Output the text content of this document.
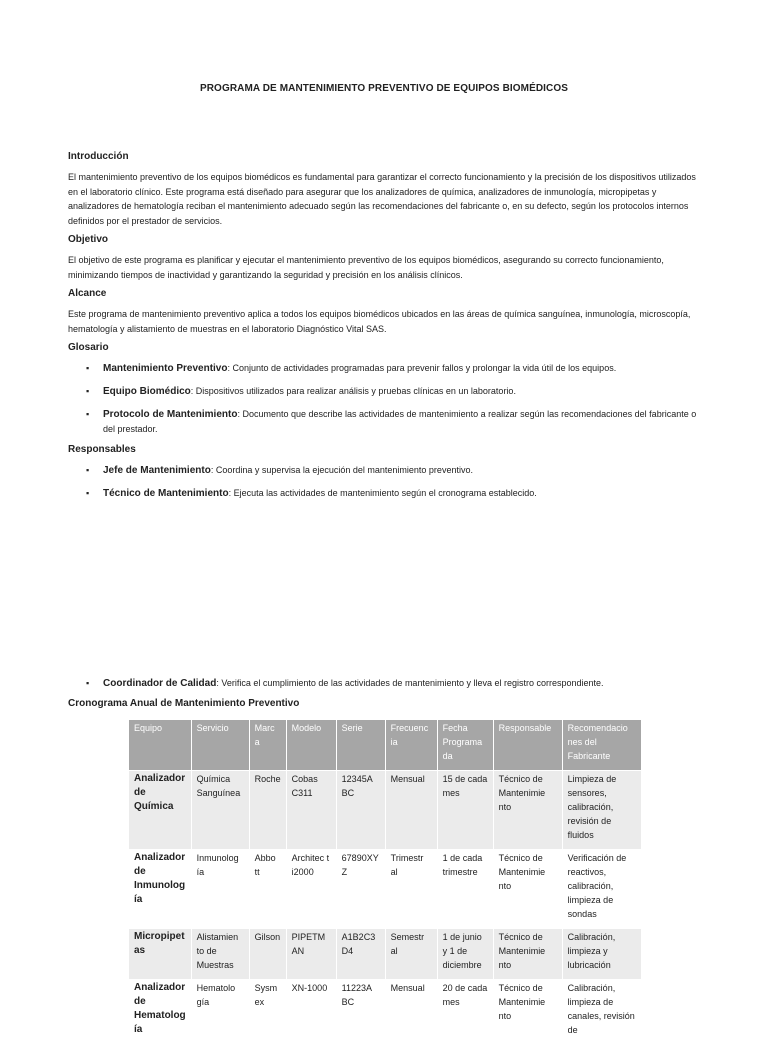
PROGRAMA DE MANTENIMIENTO PREVENTIVO DE EQUIPOS BIOMÉDICOS
Introducción

El mantenimiento preventivo de los equipos biomédicos es fundamental para garantizar el correcto funcionamiento y la precisión de los dispositivos utilizados en el laboratorio clínico. Este programa está diseñado para asegurar que los analizadores de química, analizadores de inmunología, micropipetas y analizadores de hematología reciban el mantenimiento adecuado según las recomendaciones del fabricante o, en su defecto, según los protocolos internos definidos por el prestador de servicios.

Objetivo

El objetivo de este programa es planificar y ejecutar el mantenimiento preventivo de los equipos biomédicos, asegurando su correcto funcionamiento, minimizando tiempos de inactividad y garantizando la seguridad y precisión en los análisis clínicos.

Alcance

Este programa de mantenimiento preventivo aplica a todos los equipos biomédicos ubicados en las áreas de química sanguínea, inmunología, microscopía, hematología y alistamiento de muestras en el laboratorio Diagnóstico Vital SAS.

Glosario
▪ Mantenimiento Preventivo: Conjunto de actividades programadas para prevenir fallos y prolongar la vida útil de los equipos.
▪ Equipo Biomédico: Dispositivos utilizados para realizar análisis y pruebas clínicas en un laboratorio.
▪ Protocolo de Mantenimiento: Documento que describe las actividades de mantenimiento a realizar según las recomendaciones del fabricante o del prestador.
Responsables
▪ Jefe de Mantenimiento: Coordina y supervisa la ejecución del mantenimiento preventivo.
▪ Técnico de Mantenimiento: Ejecuta las actividades de mantenimiento según el cronograma establecido.
▪ Coordinador de Calidad: Verifica el cumplimiento de las actividades de mantenimiento y lleva el registro correspondiente.
Cronograma Anual de Mantenimiento Preventivo
Equipo	Servicio	Marc a	Modelo	Serie	Frecuenc ia	Fecha Programa da	Responsable	Recomendacio nes del Fabricante
Analizador de Química	Química Sanguínea	Roche	Cobas C311	12345A BC	Mensual	15 de cada mes	Técnico de Mantenimie nto	Limpieza de sensores, calibración, revisión de fluidos
Analizador de Inmunolog ía	Inmunolog ía	Abbo tt	Architec t i2000	67890XY Z	Trimestr al	1 de cada trimestre	Técnico de Mantenimie nto	Verificación de reactivos, calibración, limpieza de sondas
Micropipet as	Alistamien to de Muestras	Gilson	PIPETM AN	A1B2C3 D4	Semestr al	1 de junio y 1 de diciembre	Técnico de Mantenimie nto	Calibración, limpieza y lubricación
Analizador de Hematolog ía	Hematolo gía	Sysm ex	XN-1000	11223A BC	Mensual	20 de cada mes	Técnico de Mantenimie nto	Calibración, limpieza de canales, revisión de
